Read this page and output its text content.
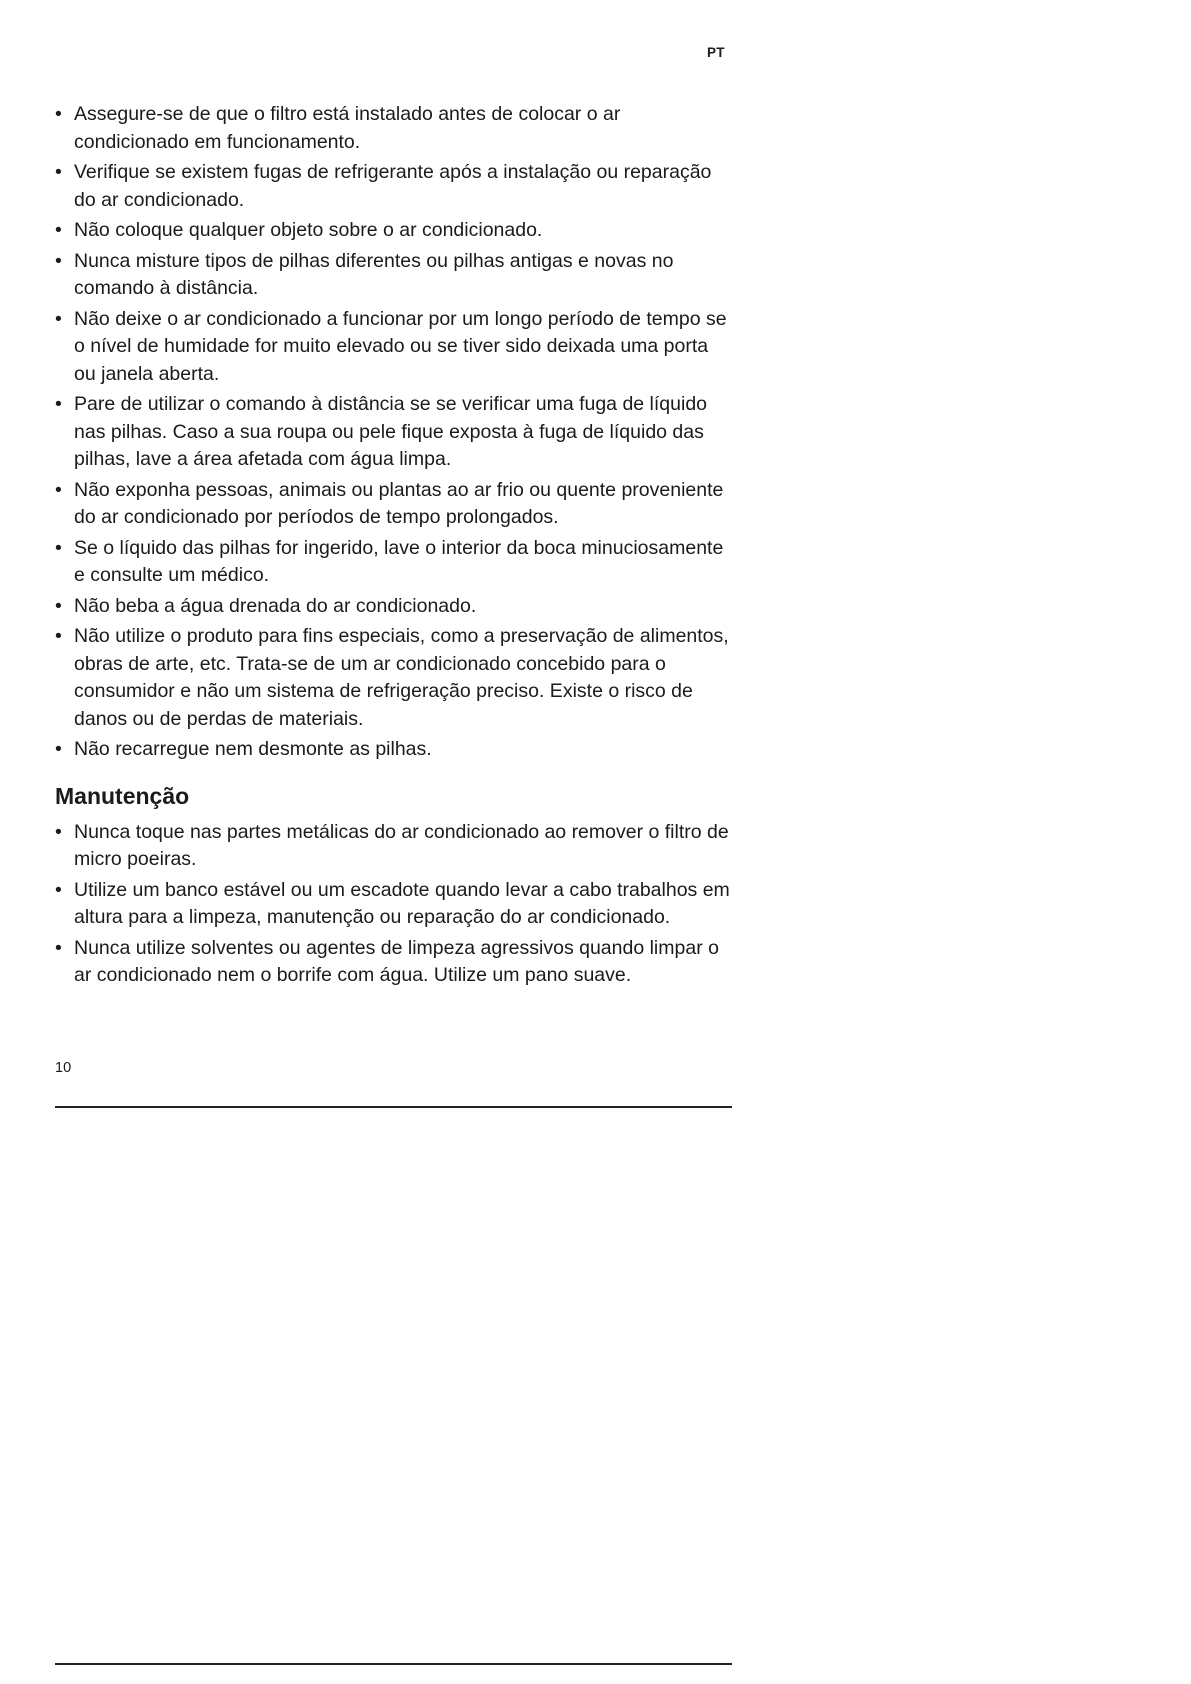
PT
• Assegure-se de que o filtro está instalado antes de colocar o ar condicionado em funcionamento.
• Verifique se existem fugas de refrigerante após a instalação ou reparação do ar condicionado.
• Não coloque qualquer objeto sobre o ar condicionado.
• Nunca misture tipos de pilhas diferentes ou pilhas antigas e novas no comando à distância.
• Não deixe o ar condicionado a funcionar por um longo período de tempo se o nível de humidade for muito elevado ou se tiver sido deixada uma porta ou janela aberta.
• Pare de utilizar o comando à distância se se verificar uma fuga de líquido nas pilhas. Caso a sua roupa ou pele fique exposta à fuga de líquido das pilhas, lave a área afetada com água limpa.
• Não exponha pessoas, animais ou plantas ao ar frio ou quente proveniente do ar condicionado por períodos de tempo prolongados.
• Se o líquido das pilhas for ingerido, lave o interior da boca minuciosamente e consulte um médico.
• Não beba a água drenada do ar condicionado.
• Não utilize o produto para fins especiais, como a preservação de alimentos, obras de arte, etc. Trata-se de um ar condicionado concebido para o consumidor e não um sistema de refrigeração preciso. Existe o risco de danos ou de perdas de materiais.
• Não recarregue nem desmonte as pilhas.
Manutenção
• Nunca toque nas partes metálicas do ar condicionado ao remover o filtro de micro poeiras.
• Utilize um banco estável ou um escadote quando levar a cabo trabalhos em altura para a limpeza, manutenção ou reparação do ar condicionado.
• Nunca utilize solventes ou agentes de limpeza agressivos quando limpar o ar condicionado nem o borrife com água. Utilize um pano suave.
10
